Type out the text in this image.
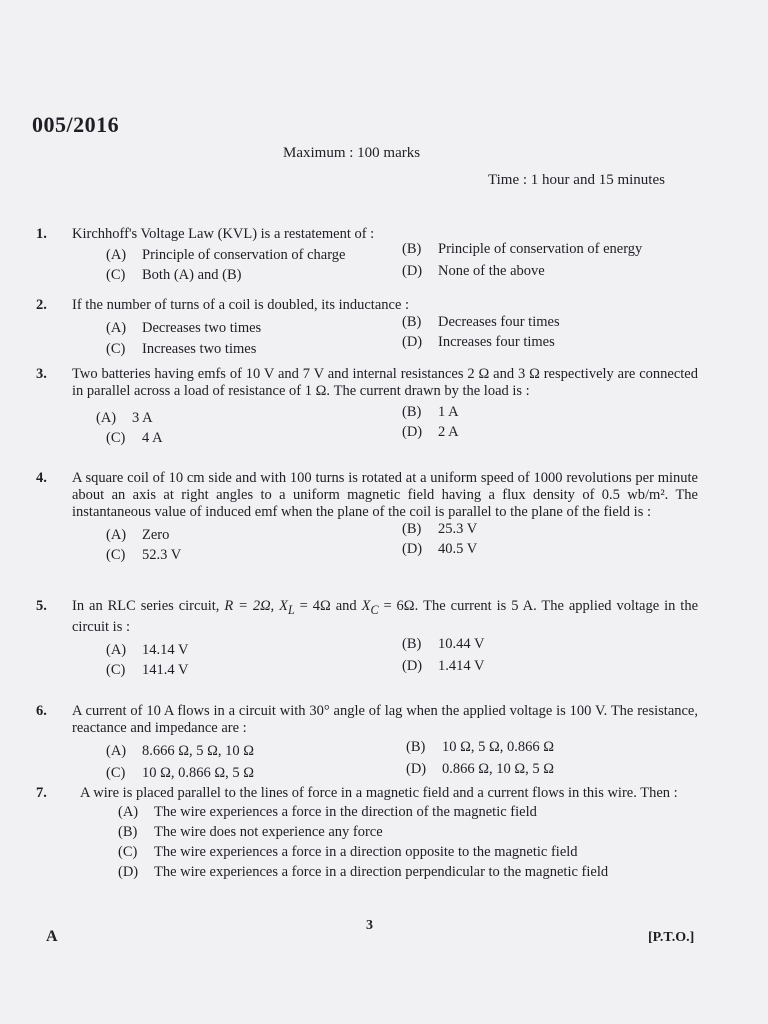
005/2016
Maximum : 100 marks
Time : 1 hour and 15 minutes
1. Kirchhoff's Voltage Law (KVL) is a restatement of :
(A) Principle of conservation of charge	(B) Principle of conservation of energy
(C) Both (A) and (B)	(D) None of the above
2. If the number of turns of a coil is doubled, its inductance :
(A) Decreases two times	(B) Decreases four times
(C) Increases two times	(D) Increases four times
3. Two batteries having emfs of 10 V and 7 V and internal resistances 2 Ω and 3 Ω respectively are connected in parallel across a load of resistance of 1 Ω. The current drawn by the load is :
(A) 3 A	(B) 1 A
(C) 4 A	(D) 2 A
4. A square coil of 10 cm side and with 100 turns is rotated at a uniform speed of 1000 revolutions per minute about an axis at right angles to a uniform magnetic field having a flux density of 0.5 wb/m². The instantaneous value of induced emf when the plane of the coil is parallel to the plane of the field is :
(A) Zero	(B) 25.3 V
(C) 52.3 V	(D) 40.5 V
5. In an RLC series circuit, R = 2Ω, $X_L = 4\Omega$ and $X_C = 6\Omega$. The current is 5 A. The applied voltage in the circuit is :
(A) 14.14 V	(B) 10.44 V
(C) 141.4 V	(D) 1.414 V
6. A current of 10 A flows in a circuit with 30° angle of lag when the applied voltage is 100 V. The resistance, reactance and impedance are :
(A) 8.666 Ω, 5 Ω, 10 Ω	(B) 10 Ω, 5 Ω, 0.866 Ω
(C) 10 Ω, 0.866 Ω, 5 Ω	(D) 0.866 Ω, 10 Ω, 5 Ω
7. A wire is placed parallel to the lines of force in a magnetic field and a current flows in this wire. Then :
(A) The wire experiences a force in the direction of the magnetic field
(B) The wire does not experience any force
(C) The wire experiences a force in a direction opposite to the magnetic field
(D) The wire experiences a force in a direction perpendicular to the magnetic field
A
3
[P.T.O.]
